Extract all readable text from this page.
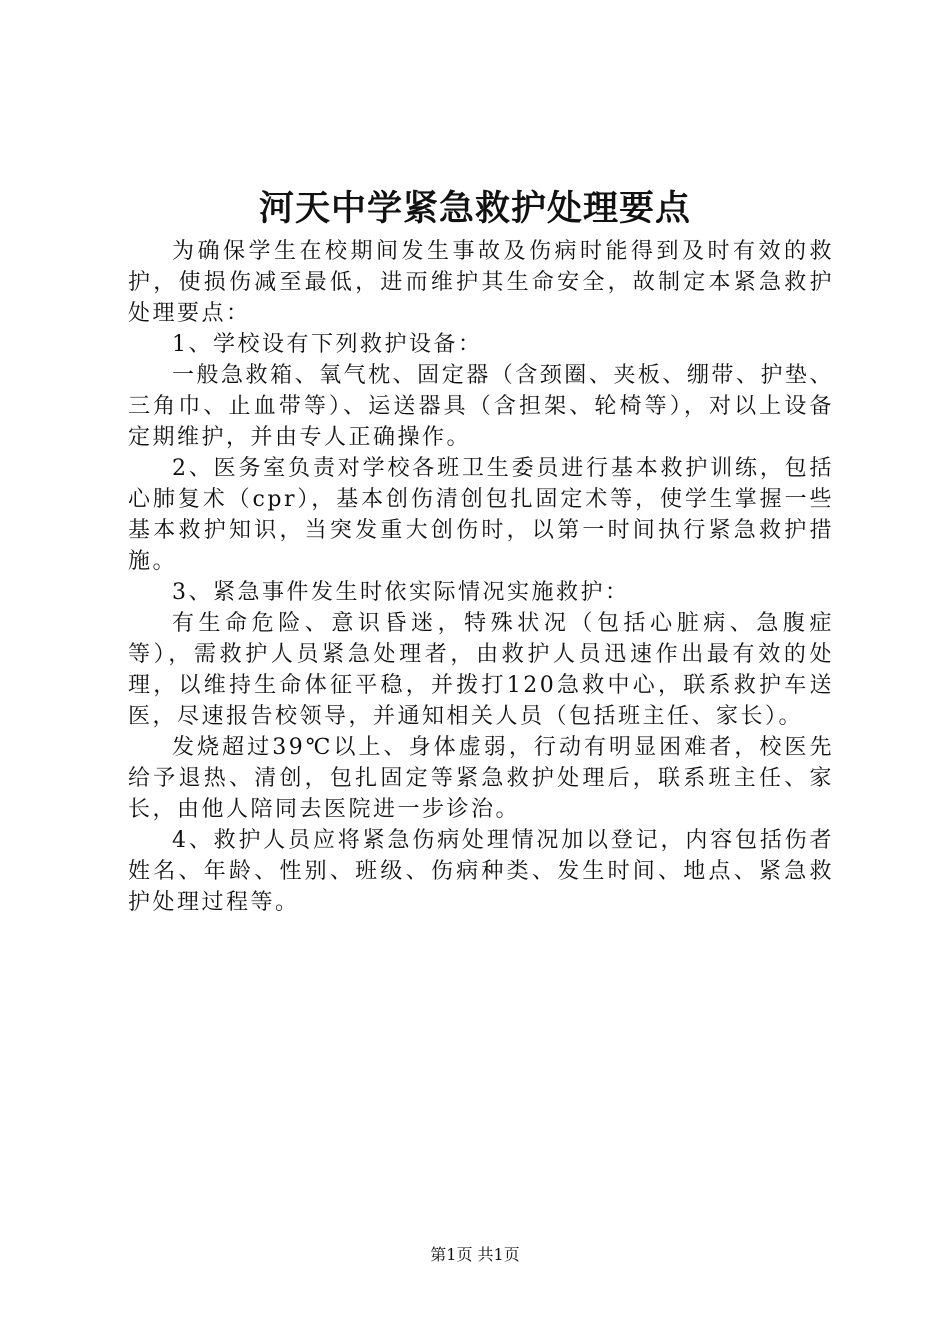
河天中学紧急救护处理要点

为确保学生在校期间发生事故及伤病时能得到及时有效的救护，使损伤减至最低，进而维护其生命安全，故制定本紧急救护处理要点：

1、学校设有下列救护设备：

一般急救箱、氧气枕、固定器（含颈圈、夹板、绷带、护垫、三角巾、止血带等）、运送器具（含担架、轮椅等），对以上设备定期维护，并由专人正确操作。

2、医务室负责对学校各班卫生委员进行基本救护训练，包括心肺复术（cpr），基本创伤清创包扎固定术等，使学生掌握一些基本救护知识，当突发重大创伤时，以第一时间执行紧急救护措施。

3、紧急事件发生时依实际情况实施救护：

有生命危险、意识昏迷，特殊状况（包括心脏病、急腹症等），需救护人员紧急处理者，由救护人员迅速作出最有效的处理，以维持生命体征平稳，并拨打120急救中心，联系救护车送医，尽速报告校领导，并通知相关人员（包括班主任、家长）。

发烧超过39℃以上、身体虚弱，行动有明显困难者，校医先给予退热、清创，包扎固定等紧急救护处理后，联系班主任、家长，由他人陪同去医院进一步诊治。

4、救护人员应将紧急伤病处理情况加以登记，内容包括伤者姓名、年龄、性别、班级、伤病种类、发生时间、地点、紧急救护处理过程等。

第1页 共1页
